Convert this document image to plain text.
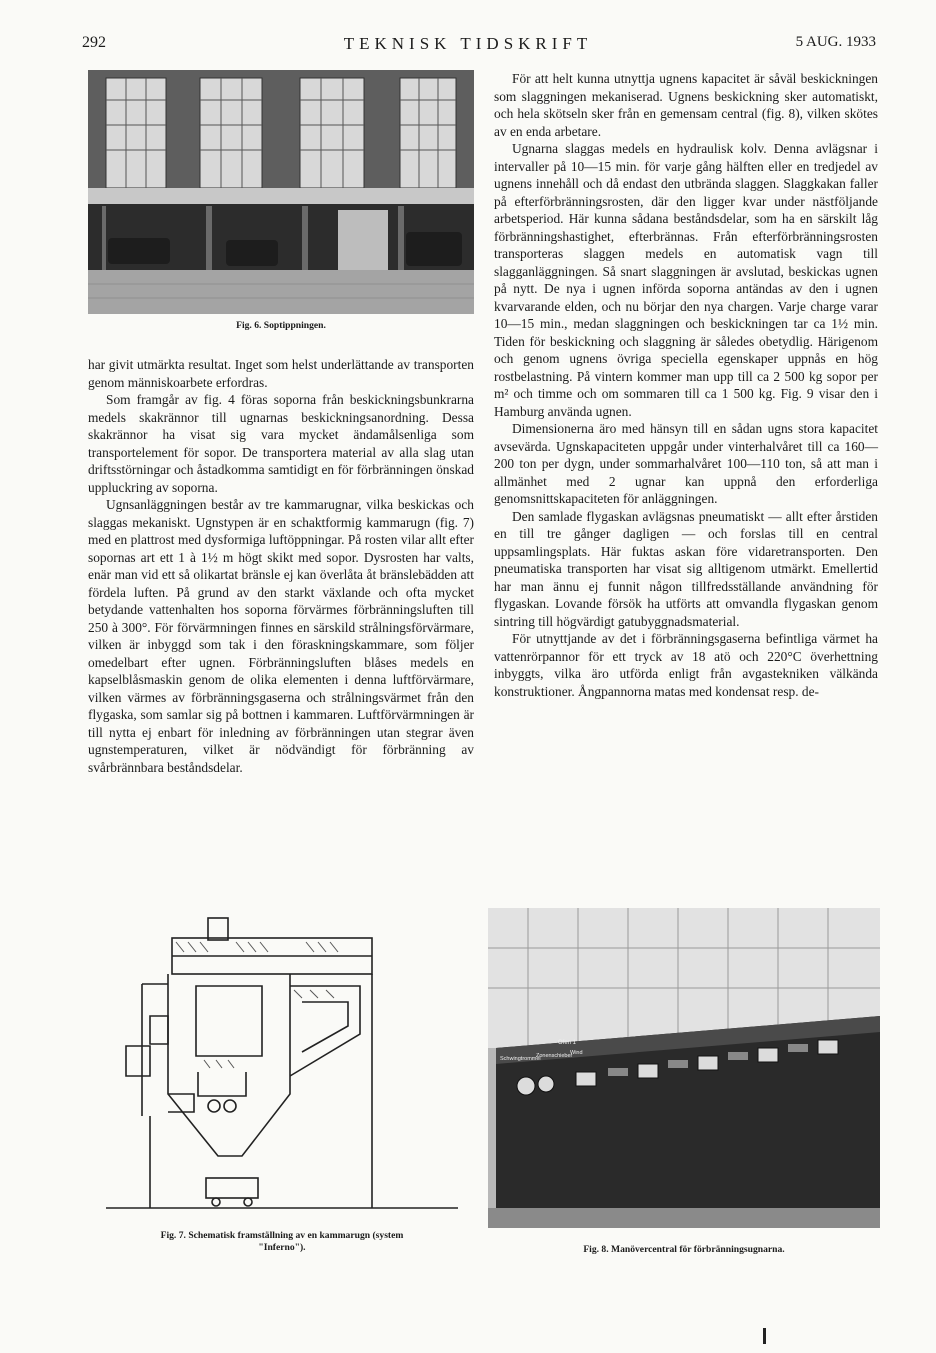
292	TEKNISK TIDSKRIFT	5 AUG. 1933
Fig. 6. Soptippningen.

har givit utmärkta resultat. Inget som helst underlättande av transporten genom människoarbete erfordras.

Som framgår av fig. 4 föras soporna från beskickningsbunkrarna medels skakrännor till ugnarnas beskickningsanordning. Dessa skakrännor ha visat sig vara mycket ändamålsenliga som transportelement för sopor. De transportera material av alla slag utan driftsstörningar och åstadkomma samtidigt en för förbränningen önskad uppluckring av soporna.

Ugnsanläggningen består av tre kammarugnar, vilka beskickas och slaggas mekaniskt. Ugnstypen är en schaktformig kammarugn (fig. 7) med en plattrost med dysformiga luftöppningar. På rosten vilar allt efter sopornas art ett 1 à 1½ m högt skikt med sopor. Dysrosten har valts, enär man vid ett så olikartat bränsle ej kan överlåta åt bränslebädden att fördela luften. På grund av den starkt växlande och ofta mycket betydande vattenhalten hos soporna förvärmes förbränningsluften till 250 à 300°. För förvärmningen finnes en särskild strålningsförvärmare, vilken är inbyggd som tak i den föraskningskammare, som följer omedelbart efter ugnen. Förbränningsluften blåses medels en kapselblåsmaskin genom de olika elementen i denna luftförvärmare, vilken värmes av förbränningsgaserna och strålningsvärmet från den flygaska, som samlar sig på bottnen i kammaren. Luftförvärmningen är till nytta ej enbart för inledning av förbränningen utan stegrar även ugnstemperaturen, vilket är nödvändigt för förbränning av svårbrännbara beståndsdelar.

För att helt kunna utnyttja ugnens kapacitet är såväl beskickningen som slaggningen mekaniserad. Ugnens beskickning sker automatiskt, och hela skötseln sker från en gemensam central (fig. 8), vilken skötes av en enda arbetare.

Ugnarna slaggas medels en hydraulisk kolv. Denna avlägsnar i intervaller på 10—15 min. för varje gång hälften eller en tredjedel av ugnens innehåll och då endast den utbrända slaggen. Slaggkakan faller på efterförbränningsrosten, där den ligger kvar under nästföljande arbetsperiod. Här kunna sådana beståndsdelar, som ha en särskilt låg förbränningshastighet, efterbrännas. Från efterförbränningsrosten transporteras slaggen medels en automatisk vagn till slagganläggningen. Så snart slaggningen är avslutad, beskickas ugnen på nytt. De nya i ugnen införda soporna antändas av den i ugnen kvarvarande elden, och nu börjar den nya chargen. Varje charge varar 10—15 min., medan slaggningen och beskickningen tar ca 1½ min. Tiden för beskickning och slaggning är således obetydlig. Härigenom och genom ugnens övriga speciella egenskaper uppnås en hög rostbelastning. På vintern kommer man upp till ca 2 500 kg sopor per m² och timme och om sommaren till ca 1 500 kg. Fig. 9 visar den i Hamburg använda ugnen.

Dimensionerna äro med hänsyn till en sådan ugns stora kapacitet avsevärda. Ugnskapaciteten uppgår under vinterhalvåret till ca 160—200 ton per dygn, under sommarhalvåret 100—110 ton, så att man i allmänhet med 2 ugnar kan uppnå den erforderliga genomsnittskapaciteten för anläggningen.

Den samlade flygaskan avlägsnas pneumatiskt — allt efter årstiden en till tre gånger dagligen — och forslas till en central uppsamlingsplats. Här fuktas askan före vidaretransporten. Den pneumatiska transporten har visat sig alltigenom utmärkt. Emellertid har man ännu ej funnit någon tillfredsställande användning för flygaskan. Lovande försök ha utförts att omvandla flygaskan genom sintring till högvärdigt gatubyggnadsmaterial.

För utnyttjande av det i förbränningsgaserna befintliga värmet ha vattenrörpannor för ett tryck av 18 atö och 220°C överhettning inbyggts, vilka äro utförda enligt från avgastekniken välkända konstruktioner. Ångpannorna matas med kondensat resp. de-

Fig. 7. Schematisk framställning av en kammarugn (system
"Inferno").
Ofen 1
Schwingtrommel
Zonenschieber
Wind
Fig. 8. Manövercentral för förbränningsugnarna.
